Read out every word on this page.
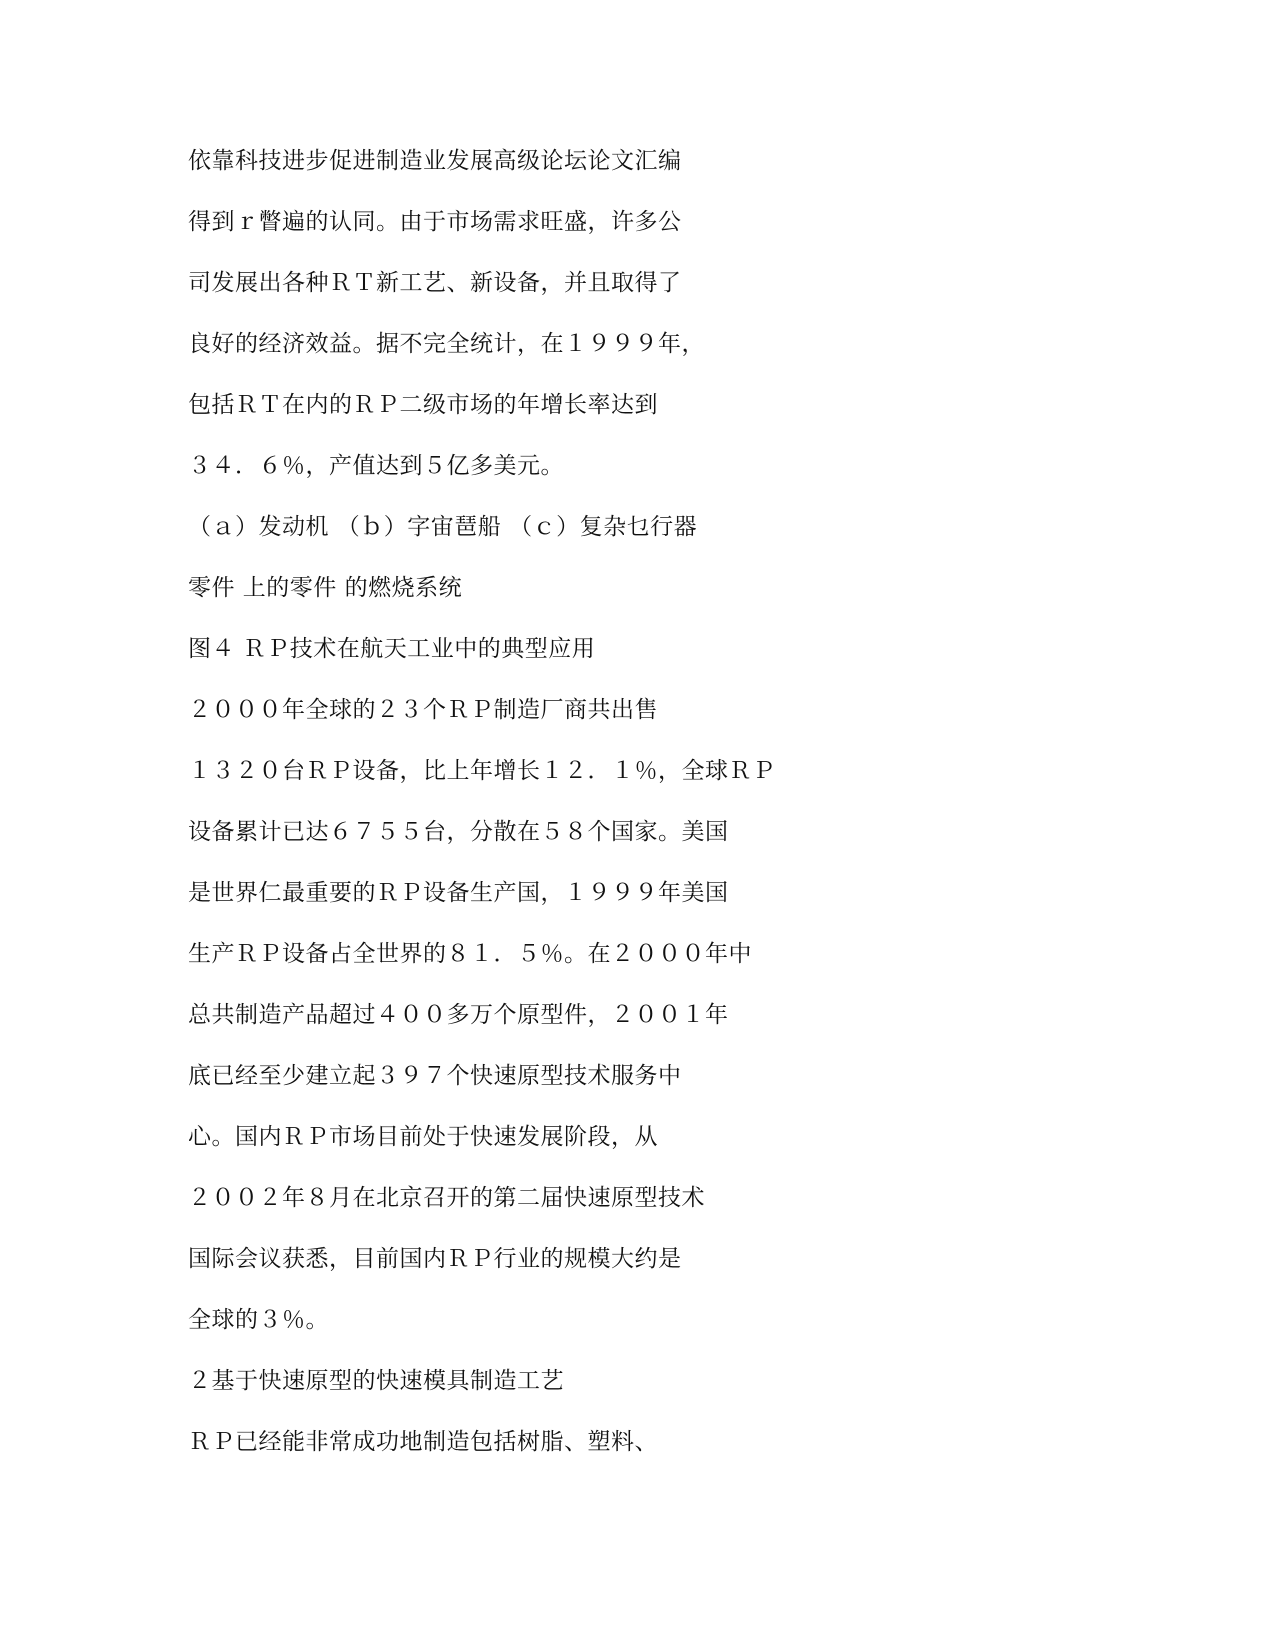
依靠科技进步促进制造业发展高级论坛论文汇编
得到ｒ瞥遍的认同。由于市场需求旺盛，许多公
司发展出各种ＲＴ新工艺、新设备，并且取得了
良好的经济效益。据不完全统计，在１９９９年，
包括ＲＴ在内的ＲＰ二级市场的年增长率达到
３４．６％，产值达到５亿多美元。
（ａ）发动机 （ｂ）字宙琶船 （ｃ）复杂乜行器
零件 上的零件 的燃烧系统
图４ ＲＰ技术在航天工业中的典型应用
２０００年全球的２３个ＲＰ制造厂商共出售
１３２０台ＲＰ设备，比上年增长１２．１％，全球ＲＰ
设备累计已达６７５５台，分散在５８个国家。美国
是世界仁最重要的ＲＰ设备生产国，１９９９年美国
生产ＲＰ设备占全世界的８１．５％。在２０００年中
总共制造产品超过４００多万个原型件，２００１年
底已经至少建立起３９７个快速原型技术服务中
心。国内ＲＰ市场目前处于快速发展阶段，从
２００２年８月在北京召开的第二届快速原型技术
国际会议获悉，目前国内ＲＰ行业的规模大约是
全球的３％。
２基于快速原型的快速模具制造工艺
ＲＰ已经能非常成功地制造包括树脂、塑料、
